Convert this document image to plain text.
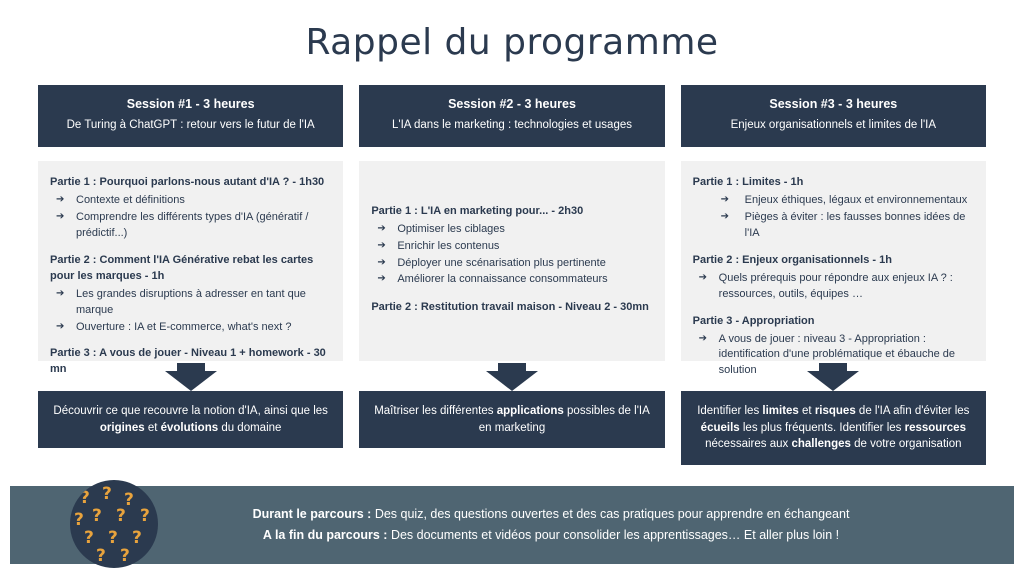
Rappel du programme
Session #1 - 3 heures
De Turing à ChatGPT : retour vers le futur de l'IA

Partie 1 : Pourquoi parlons-nous autant d'IA ? - 1h30

➔ Contexte et définitions
➔ Comprendre les différents types d'IA (génératif / prédictif...)

Partie 2 : Comment l'IA Générative rebat les cartes pour les marques - 1h

➔ Les grandes disruptions à adresser en tant que marque
➔ Ouverture : IA et E-commerce, what's next ?

Partie 3 : A vous de jouer - Niveau 1 + homework - 30 mn

Découvrir ce que recouvre la notion d'IA, ainsi que les origines et évolutions du domaine
Session #2 - 3 heures
L'IA dans le marketing : technologies et usages

Partie 1 : L'IA en marketing pour... - 2h30

➔ Optimiser les ciblages
➔ Enrichir les contenus
➔ Déployer une scénarisation plus pertinente
➔ Améliorer la connaissance consommateurs

Partie 2 : Restitution travail maison - Niveau 2 - 30mn

Maîtriser les différentes applications possibles de l'IA en marketing
Session #3 - 3 heures
Enjeux organisationnels et limites de l'IA

Partie 1 : Limites - 1h

➔ Enjeux éthiques, légaux et environnementaux
➔ Pièges à éviter : les fausses bonnes idées de l'IA

Partie 2 : Enjeux organisationnels - 1h

➔ Quels prérequis pour répondre aux enjeux IA ? : ressources, outils, équipes …

Partie 3 - Appropriation

➔ A vous de jouer : niveau 3 - Appropriation : identification d'une problématique et ébauche de solution
Identifier les limites et risques de l'IA afin d'éviter les écueils les plus fréquents. Identifier les ressources nécessaires aux challenges de votre organisation
? ? ?
?
?
?
?
? ? ?
? ?
Durant le parcours : Des quiz, des questions ouvertes et des cas pratiques pour apprendre en échangeant
A la fin du parcours : Des documents et vidéos pour consolider les apprentissages… Et aller plus loin !
